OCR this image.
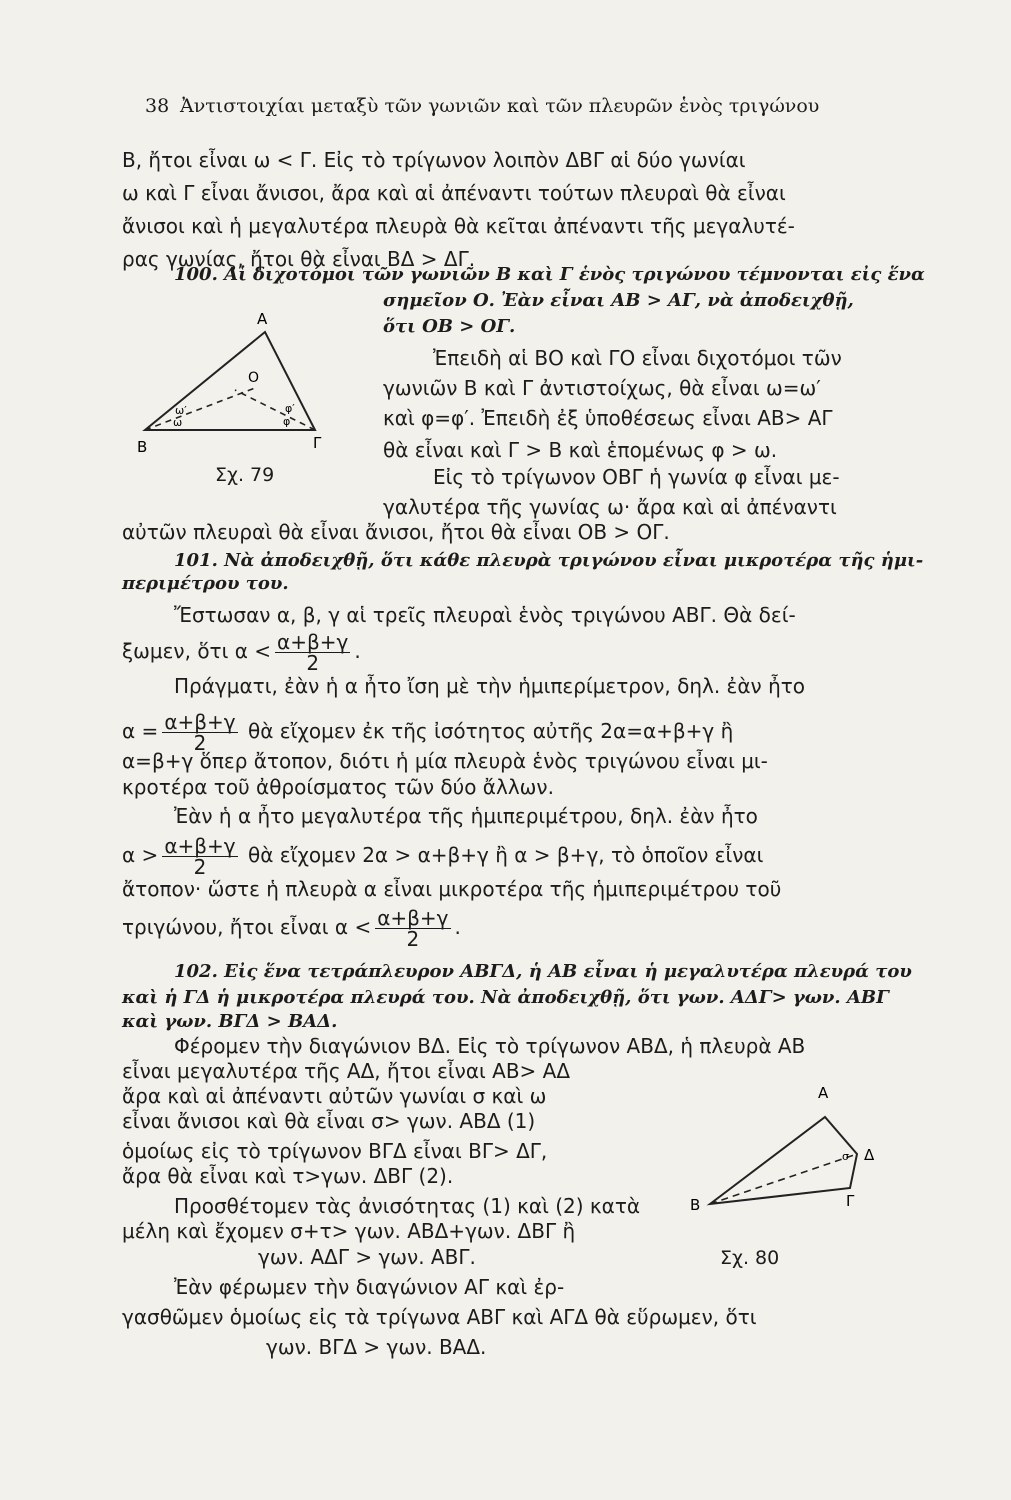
38 Ἀντιστοιχίαι μεταξὺ τῶν γωνιῶν καὶ τῶν πλευρῶν ἑνὸς τριγώνου
Β, ἤτοι εἶναι ω < Γ. Εἰς τὸ τρίγωνον λοιπὸν ΔΒΓ αἱ δύο γωνίαι
ω καὶ Γ εἶναι ἄνισοι, ἄρα καὶ αἱ ἀπέναντι τούτων πλευραὶ θὰ εἶναι
ἄνισοι καὶ ἡ μεγαλυτέρα πλευρὰ θὰ κεῖται ἀπέναντι τῆς μεγαλυτέ-
ρας γωνίας, ἤτοι θὰ εἶναι ΒΔ > ΔΓ.
100. Αἱ διχοτόμοι τῶν γωνιῶν Β καὶ Γ ἑνὸς τριγώνου τέμνονται εἰς ἕνα
σημεῖον Ο. Ἐὰν εἶναι ΑΒ > ΑΓ, νὰ ἀποδειχθῇ,
ὅτι ΟΒ > ΟΓ.
Ἐπειδὴ αἱ ΒΟ καὶ ΓΟ εἶναι διχοτόμοι τῶν
γωνιῶν Β καὶ Γ ἀντιστοίχως, θὰ εἶναι ω=ω′
καὶ φ=φ′. Ἐπειδὴ ἐξ ὑποθέσεως εἶναι ΑΒ> ΑΓ
θὰ εἶναι καὶ Γ > Β καὶ ἑπομένως φ > ω.
Εἰς τὸ τρίγωνον ΟΒΓ ἡ γωνία φ εἶναι με-
γαλυτέρα τῆς γωνίας ω· ἄρα καὶ αἱ ἀπέναντι
αὐτῶν πλευραὶ θὰ εἶναι ἄνισοι, ἤτοι θὰ εἶναι ΟΒ > ΟΓ.
Α
Β	Γ
Ο
ω
ω′
φ
φ′
Σχ. 79
101. Νὰ ἀποδειχθῇ, ὅτι κάθε πλευρὰ τριγώνου εἶναι μικροτέρα τῆς ἡμι-
περιμέτρου του.
Ἔστωσαν α, β, γ αἱ τρεῖς πλευραὶ ἑνὸς τριγώνου ΑΒΓ. Θὰ δεί-
ξωμεν, ὅτι $\alpha < \frac{\alpha+\beta+\gamma}{2}$ .
Πράγματι, ἐὰν ἡ α ἦτο ἴση μὲ τὴν ἡμιπερίμετρον, δηλ. ἐὰν ἦτο
$\alpha = \frac{\alpha+\beta+\gamma}{2}$ θὰ εἴχομεν ἐκ τῆς ἰσότητος αὐτῆς 2α=α+β+γ ἢ
α=β+γ ὅπερ ἄτοπον, διότι ἡ μία πλευρὰ ἑνὸς τριγώνου εἶναι μι-
κροτέρα τοῦ ἀθροίσματος τῶν δύο ἄλλων.
Ἐὰν ἡ α ἦτο μεγαλυτέρα τῆς ἡμιπεριμέτρου, δηλ. ἐὰν ἦτο
$\alpha > \frac{\alpha+\beta+\gamma}{2}$ θὰ εἴχομεν 2α > α+β+γ ἢ α > β+γ, τὸ ὁποῖον εἶναι
ἄτοπον· ὥστε ἡ πλευρὰ α εἶναι μικροτέρα τῆς ἡμιπεριμέτρου τοῦ
τριγώνου, ἤτοι εἶναι $\alpha < \frac{\alpha+\beta+\gamma}{2}$ .
102. Εἰς ἕνα τετράπλευρον ΑΒΓΔ, ἡ ΑΒ εἶναι ἡ μεγαλυτέρα πλευρά του
καὶ ἡ ΓΔ ἡ μικροτέρα πλευρά του. Νὰ ἀποδειχθῇ, ὅτι γων. ΑΔΓ> γων. ΑΒΓ
καὶ γων. ΒΓΔ > ΒΑΔ.
Φέρομεν τὴν διαγώνιον ΒΔ. Εἰς τὸ τρίγωνον ΑΒΔ, ἡ πλευρὰ ΑΒ
εἶναι μεγαλυτέρα τῆς ΑΔ, ἤτοι εἶναι ΑΒ> ΑΔ
ἄρα καὶ αἱ ἀπέναντι αὐτῶν γωνίαι σ καὶ ω
εἶναι ἄνισοι καὶ θὰ εἶναι σ> γων. ΑΒΔ (1)
ὁμοίως εἰς τὸ τρίγωνον ΒΓΔ εἶναι ΒΓ> ΔΓ,
ἄρα θὰ εἶναι καὶ τ>γων. ΔΒΓ (2).
Προσθέτομεν τὰς ἀνισότητας (1) καὶ (2) κατὰ
μέλη καὶ ἔχομεν σ+τ> γων. ΑΒΔ+γων. ΔΒΓ ἢ
γων. ΑΔΓ > γων. ΑΒΓ.
Ἐὰν φέρωμεν τὴν διαγώνιον ΑΓ καὶ ἐρ-
γασθῶμεν ὁμοίως εἰς τὰ τρίγωνα ΑΒΓ καὶ ΑΓΔ θὰ εὕρωμεν, ὅτι
γων. ΒΓΔ > γων. ΒΑΔ.
Α
Β	Γ
Δ
σ
Σχ. 80
